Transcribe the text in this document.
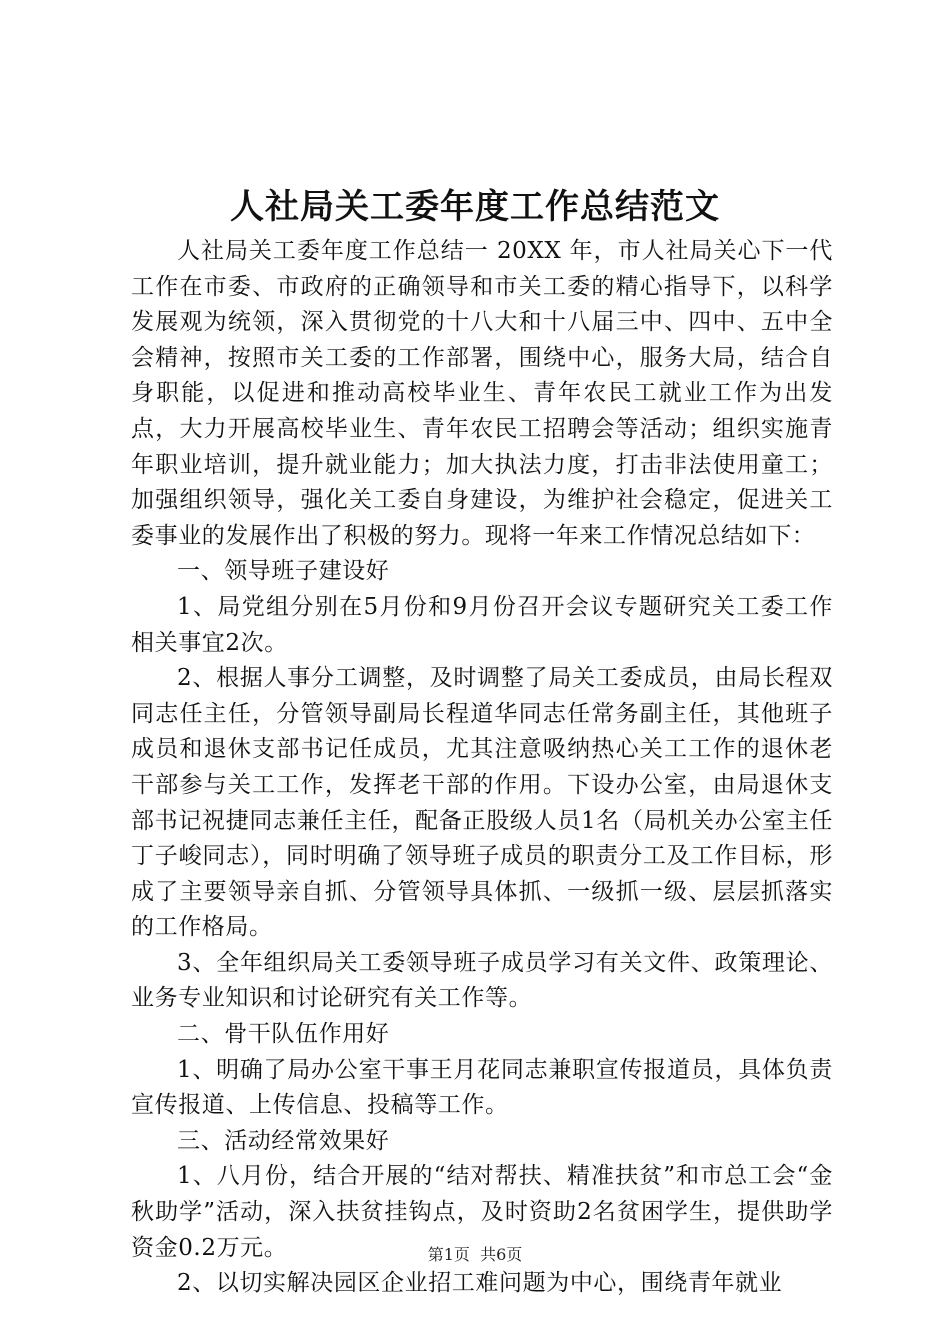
人社局关工委年度工作总结范文

人社局关工委年度工作总结一 20XX 年，市人社局关心下一代工作在市委、市政府的正确领导和市关工委的精心指导下，以科学发展观为统领，深入贯彻党的十八大和十八届三中、四中、五中全会精神，按照市关工委的工作部署，围绕中心，服务大局，结合自身职能，以促进和推动高校毕业生、青年农民工就业工作为出发点，大力开展高校毕业生、青年农民工招聘会等活动；组织实施青年职业培训，提升就业能力；加大执法力度，打击非法使用童工；加强组织领导，强化关工委自身建设，为维护社会稳定，促进关工委事业的发展作出了积极的努力。现将一年来工作情况总结如下：

一、领导班子建设好

1、局党组分别在5月份和9月份召开会议专题研究关工委工作相关事宜2次。

2、根据人事分工调整，及时调整了局关工委成员，由局长程双同志任主任，分管领导副局长程道华同志任常务副主任，其他班子成员和退休支部书记任成员，尤其注意吸纳热心关工工作的退休老干部参与关工工作，发挥老干部的作用。下设办公室，由局退休支部书记祝捷同志兼任主任，配备正股级人员1名（局机关办公室主任丁子峻同志），同时明确了领导班子成员的职责分工及工作目标，形成了主要领导亲自抓、分管领导具体抓、一级抓一级、层层抓落实的工作格局。

3、全年组织局关工委领导班子成员学习有关文件、政策理论、业务专业知识和讨论研究有关工作等。

二、骨干队伍作用好

1、明确了局办公室干事王月花同志兼职宣传报道员，具体负责宣传报道、上传信息、投稿等工作。

三、活动经常效果好

1、八月份，结合开展的“结对帮扶、精准扶贫”和市总工会“金秋助学”活动，深入扶贫挂钩点，及时资助2名贫困学生，提供助学资金0.2万元。

2、以切实解决园区企业招工难问题为中心，围绕青年就业

第1页  共6页
